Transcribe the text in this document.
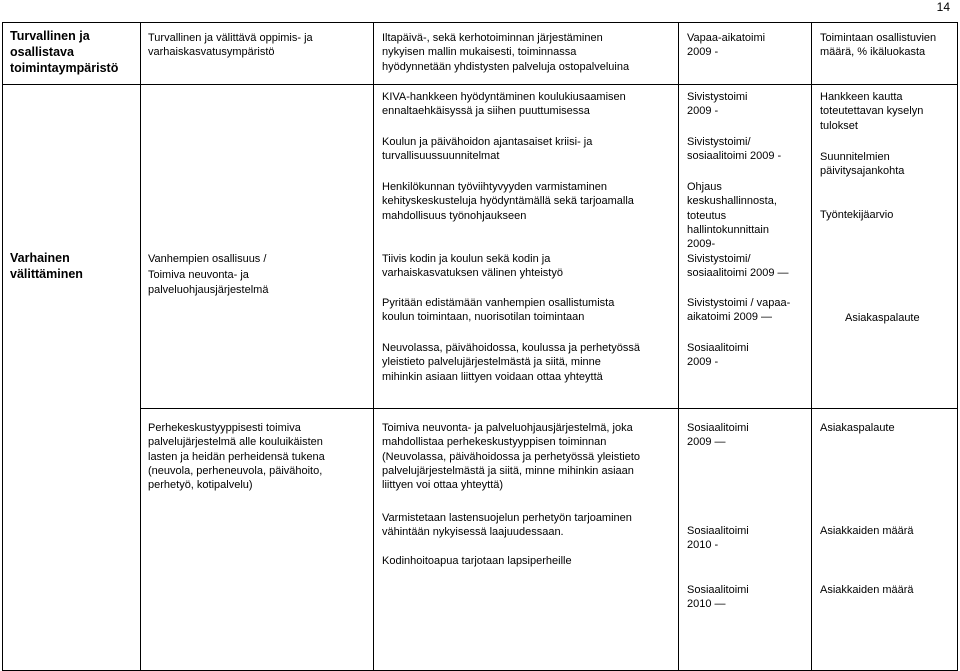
14
Turvallinen ja
osallistava
toimintaympäristö
Turvallinen ja välittävä oppimis- ja
varhaiskasvatusympäristö
Iltapäivä-, sekä kerhotoiminnan järjestäminen
nykyisen mallin mukaisesti, toiminnassa
hyödynnetään yhdistysten palveluja ostopalveluina
Vapaa-aikatoimi
2009 -
Toimintaan osallistuvien
määrä, % ikäluokasta
Varhainen
välittäminen
Vanhempien osallisuus /
Toimiva neuvonta- ja
palveluohjausjärjestelmä
KIVA-hankkeen hyödyntäminen koulukiusaamisen
ennaltaehkäisyssä ja siihen puuttumisessa
Koulun ja päivähoidon ajantasaiset kriisi- ja
turvallisuussuunnitelmat
Henkilökunnan työviihtyvyyden varmistaminen
kehityskeskusteluja hyödyntämällä sekä tarjoamalla
mahdollisuus työnohjaukseen
Tiivis kodin ja koulun sekä kodin ja
varhaiskasvatuksen välinen yhteistyö
Pyritään edistämään vanhempien osallistumista
koulun toimintaan, nuorisotilan toimintaan
Neuvolassa, päivähoidossa, koulussa ja perhetyössä
yleistieto palvelujärjestelmästä ja siitä, minne
mihinkin asiaan liittyen voidaan ottaa yhteyttä
Sivistystoimi
2009 -
Sivistystoimi/
sosiaalitoimi 2009 -
Ohjaus
keskushallinnosta,
toteutus
hallintokunnittain
2009-
Sivistystoimi/
sosiaalitoimi 2009 —
Sivistystoimi / vapaa-
aikatoimi 2009 —
Sosiaalitoimi
2009 -
Hankkeen kautta
toteutettavan kyselyn
tulokset
Suunnitelmien
päivitysajankohta
Työntekijäarvio
Asiakaspalaute
Perhekeskustyyppisesti toimiva
palvelujärjestelmä alle kouluikäisten
lasten ja heidän perheidensä tukena
(neuvola, perheneuvola, päivähoito,
perhetyö, kotipalvelu)
Toimiva neuvonta- ja palveluohjausjärjestelmä, joka
mahdollistaa perhekeskustyyppisen toiminnan
(Neuvolassa, päivähoidossa ja perhetyössä yleistieto
palvelujärjestelmästä ja siitä, minne mihinkin asiaan
liittyen voi ottaa yhteyttä)
Varmistetaan lastensuojelun perhetyön tarjoaminen
vähintään nykyisessä laajuudessaan.
Kodinhoitoapua tarjotaan lapsiperheille
Sosiaalitoimi
2009 —
Sosiaalitoimi
2010 -
Sosiaalitoimi
2010 —
Asiakaspalaute
Asiakkaiden määrä
Asiakkaiden määrä
